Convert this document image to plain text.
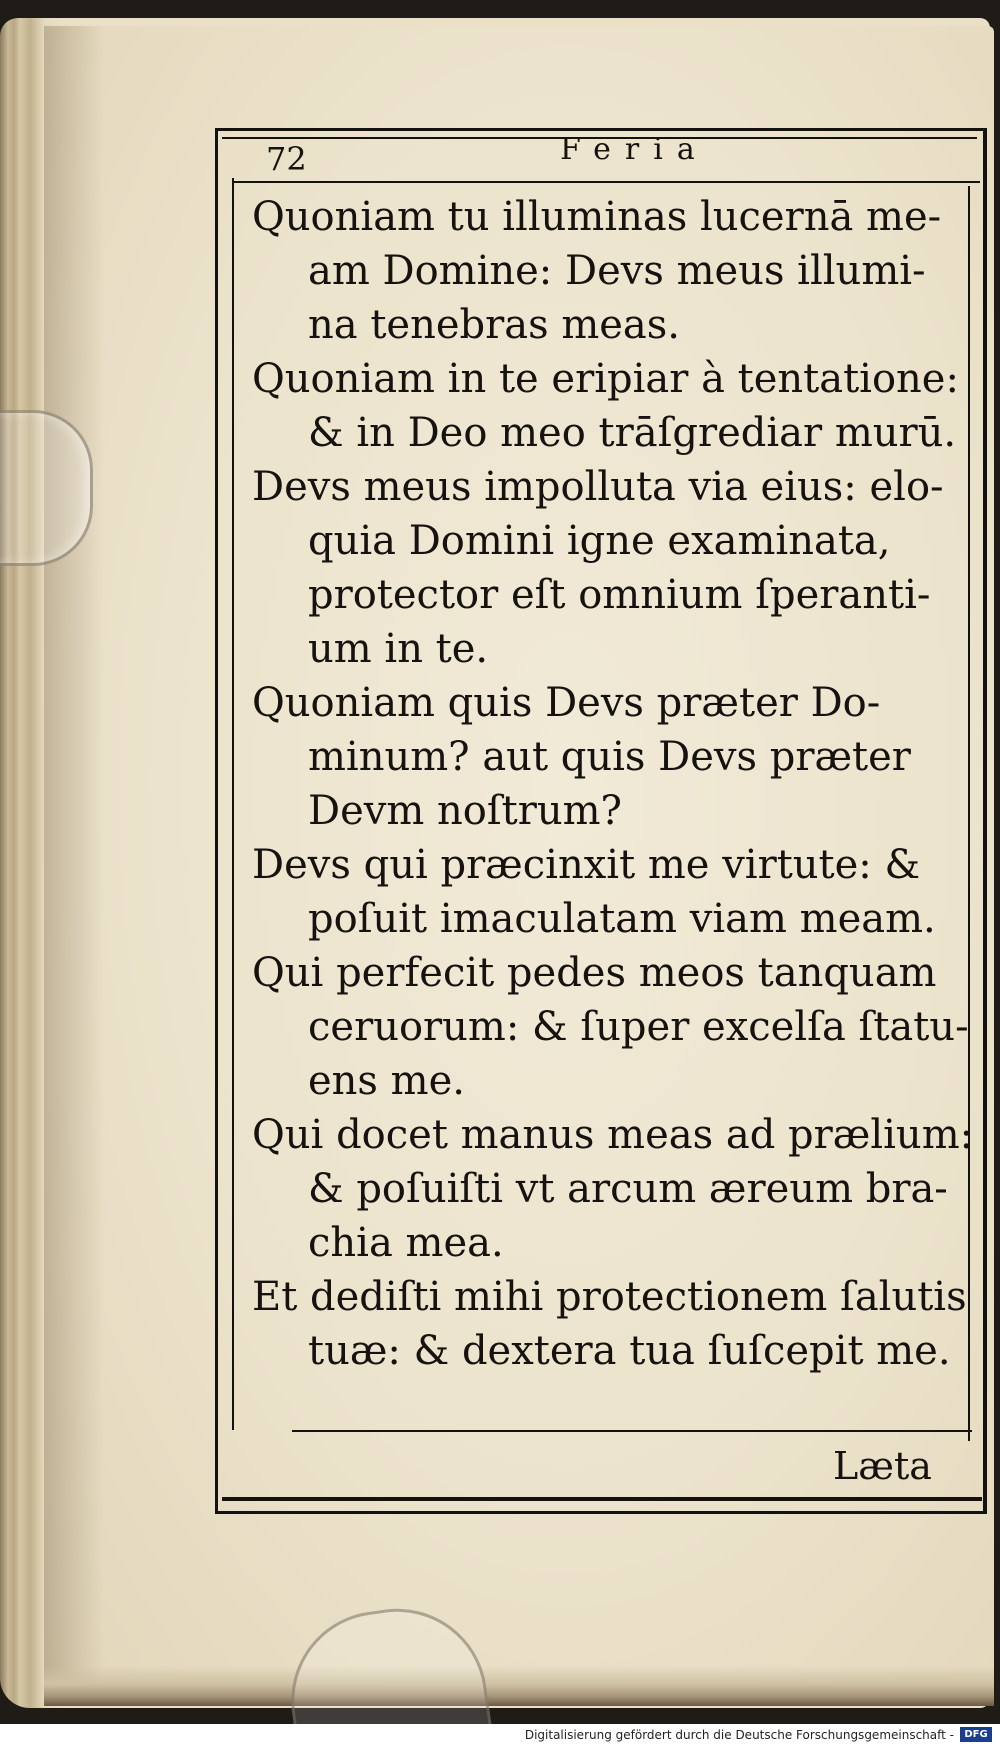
72	Feria

Quoniam tu illuminas lucernā me-
am Domine: Devs meus illumi-
na tenebras meas.

Quoniam in te eripiar à tentatione:
& in Deo meo trāſgrediar murū.

Devs meus impolluta via eius: elo-
quia Domini igne examinata,
protector eſt omnium ſperanti-
um in te.

Quoniam quis Devs præter Do-
minum? aut quis Devs præter
Devm noſtrum?

Devs qui præcinxit me virtute: &
poſuit imaculatam viam meam.

Qui perfecit pedes meos tanquam
ceruorum: & ſuper excelſa ſtatu-
ens me.

Qui docet manus meas ad prælium:
& poſuiſti vt arcum æreum bra-
chia mea.

Et dediſti mihi protectionem ſalutis
tuæ: & dextera tua ſuſcepit me.

Læta
Digitalisierung gefördert durch die Deutsche Forschungsgemeinschaft -	DFG
